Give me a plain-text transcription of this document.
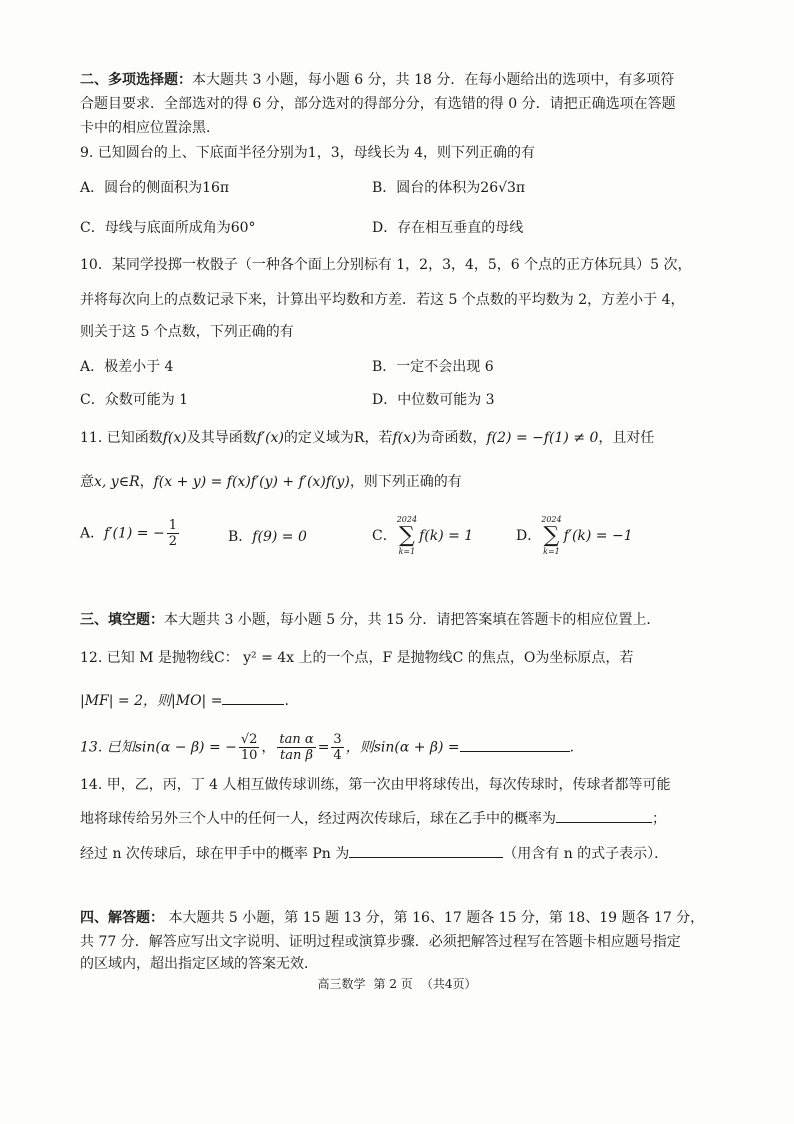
二、多项选择题：本大题共 3 小题，每小题 6 分，共 18 分．在每小题给出的选项中，有多项符
合题目要求．全部选对的得 6 分，部分选对的得部分分，有选错的得 0 分．请把正确选项在答题
卡中的相应位置涂黑．
9. 已知圆台的上、下底面半径分别为1，3，母线长为 4，则下列正确的有
A．圆台的侧面积为16π	B．圆台的体积为26√3π
C．母线与底面所成角为60°	D．存在相互垂直的母线
10．某同学投掷一枚骰子（一种各个面上分别标有 1，2，3，4，5，6 个点的正方体玩具）5 次，
并将每次向上的点数记录下来，计算出平均数和方差．若这 5 个点数的平均数为 2，方差小于 4，
则关于这 5 个点数，下列正确的有
A．极差小于 4	B．一定不会出现 6
C．众数可能为 1	D．中位数可能为 3
11. 已知函数f(x)及其导函数f′(x)的定义域为R，若f(x)为奇函数，f(2) = −f(1) ≠ 0，且对任
意x, y∈R，f(x + y) = f(x)f′(y) + f′(x)f(y)，则下列正确的有
A．f′(1) = − $\frac{1}{2}$	B．f(9) = 0	C．
2024
∑
k=1
f(k) = 1	D．
2024
∑
k=1
f′(k) = −1
三、填空题：本大题共 3 小题，每小题 5 分，共 15 分．请把答案填在答题卡的相应位置上．
12. 已知 M 是抛物线C： y² = 4x 上的一个点，F 是抛物线C 的焦点，O为坐标原点，若
|MF| = 2，则|MO| =	.
13. 已知sin(α − β) = − $\frac{√2}{10}$ ， $\frac{\text{tan α}}{\text{tan β}} = \frac{3}{4}$ ，则sin(α + β) =	.
14. 甲，乙，丙，丁 4 人相互做传球训练，第一次由甲将球传出，每次传球时，传球者都等可能
地将球传给另外三个人中的任何一人，经过两次传球后，球在乙手中的概率为	；
经过 n 次传球后，球在甲手中的概率 Pn 为	（用含有 n 的式子表示）．
四、解答题： 本大题共 5 小题，第 15 题 13 分，第 16、17 题各 15 分，第 18、19 题各 17 分，
共 77 分．解答应写出文字说明、证明过程或演算步骤．必须把解答过程写在答题卡相应题号指定
的区域内，超出指定区域的答案无效．
高三数学 第 2 页 （共4页）
